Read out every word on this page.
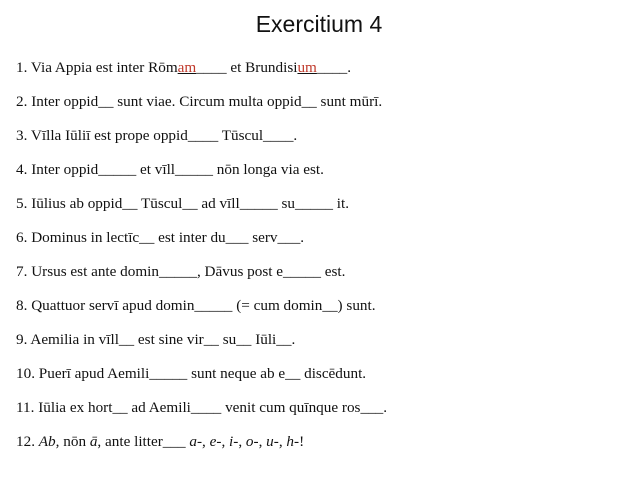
Exercitium 4
1. Via Appia est inter Rōmam____ et Brundisium____.
2. Inter oppid__ sunt viae. Circum multa oppid__ sunt mūrī.
3. Vīlla Iūliī est prope oppid____ Tūscul____.
4. Inter oppid_____ et vīll_____ nōn longa via est.
5. Iūlius ab oppid__ Tūscul__ ad vīll_____ su_____ it.
6. Dominus in lectīc__ est inter du___ serv___.
7. Ursus est ante domin_____, Dāvus post e_____ est.
8. Quattuor servī apud domin_____ (= cum domin__) sunt.
9. Aemilia in vīll__ est sine vir__ su__ Iūli__.
10. Puerī apud Aemili_____ sunt neque ab e__ discēdunt.
11. Iūlia ex hort__ ad Aemili____ venit cum quīnque ros___.
12. Ab, nōn ā, ante litter___ a-, e-, i-, o-, u-, h-!
